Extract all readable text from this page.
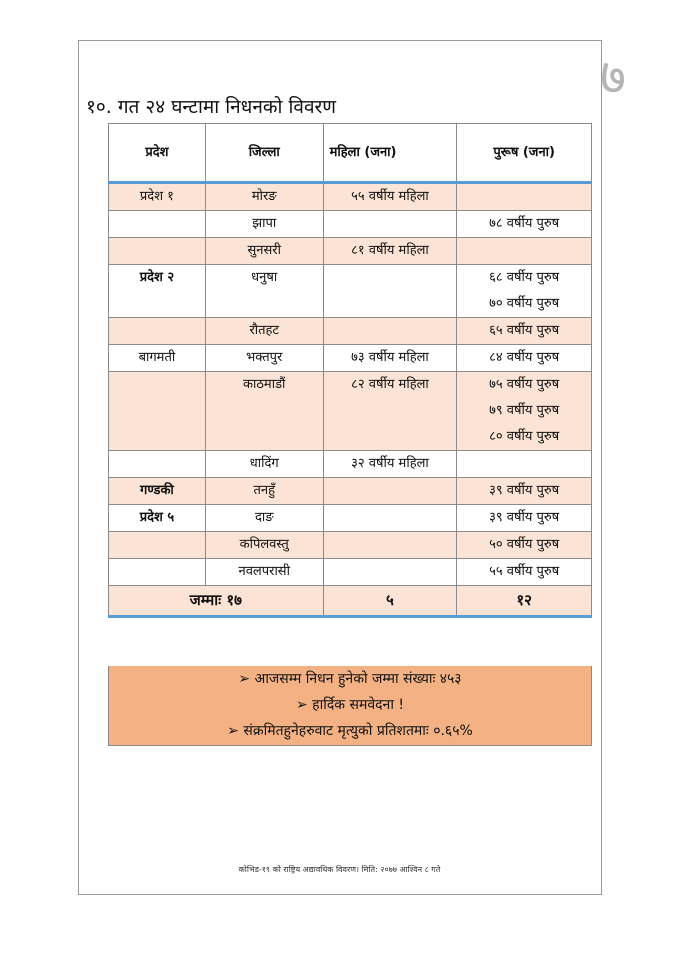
७
१०. गत २४ घन्टामा निधनको विवरण
प्रदेश	जिल्ला	महिला (जना)	पुरूष (जना)
प्रदेश १	मोरङ	५५ वर्षीय महिला	

	झापा		७८ वर्षीय पुरुष

	सुनसरी	८१ वर्षीय महिला	

प्रदेश २	धनुषा		६८ वर्षीय पुरुष
७० वर्षीय पुरुष

	रौतहट		६५ वर्षीय पुरुष

बागमती	भक्तपुर	७३ वर्षीय महिला	८४ वर्षीय पुरुष

	काठमाडौं	८२ वर्षीय महिला	७५ वर्षीय पुरुष
७९ वर्षीय पुरुष
८० वर्षीय पुरुष

	धादिंग	३२ वर्षीय महिला	

गण्डकी	तनहुँ		३९ वर्षीय पुरुष

प्रदेश ५	दाङ		३९ वर्षीय पुरुष

	कपिलवस्तु		५० वर्षीय पुरुष

	नवलपरासी		५५ वर्षीय पुरुष

जम्माः १७		५	१२
➢ आजसम्म निधन हुनेको जम्मा संख्याः ४५३
➢ हार्दिक समवेदना !
➢ संक्रमितहुनेहरुवाट मृत्युको प्रतिशतमाः ०.६५%
कोभिड-१९ को राष्ट्रिय अद्यावधिक विवरण। मिति: २०७७ आश्विन ८ गते
